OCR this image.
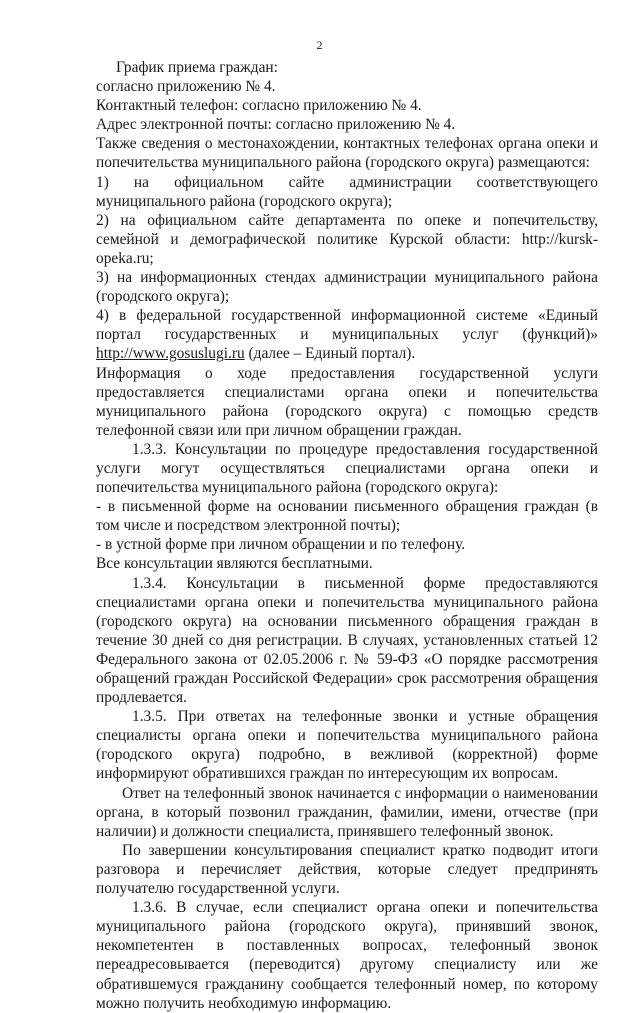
2

График приема граждан:

согласно приложению № 4.

Контактный телефон: согласно приложению № 4.

Адрес электронной почты: согласно приложению № 4.

Также сведения о местонахождении, контактных телефонах органа опеки и попечительства муниципального района (городского округа) размещаются:

1) на официальном сайте администрации соответствующего муниципального района (городского округа);

2) на официальном сайте департамента по опеке и попечительству, семейной и демографической политике Курской области: http://kursk-opeka.ru;

3) на информационных стендах администрации муниципального района (городского округа);

4) в федеральной государственной информационной системе «Единый портал государственных и муниципальных услуг (функций)» http://www.gosuslugi.ru (далее – Единый портал).

Информация о ходе предоставления государственной услуги предоставляется специалистами органа опеки и попечительства муниципального района (городского округа) с помощью средств телефонной связи или при личном обращении граждан.

1.3.3. Консультации по процедуре предоставления государственной услуги могут осуществляться специалистами органа опеки и попечительства муниципального района (городского округа):

- в письменной форме на основании письменного обращения граждан (в том числе и посредством электронной почты);

- в устной форме при личном обращении и по телефону.

Все консультации являются бесплатными.

1.3.4. Консультации в письменной форме предоставляются специалистами органа опеки и попечительства муниципального района (городского округа) на основании письменного обращения граждан в течение 30 дней со дня регистрации. В случаях, установленных статьей 12 Федерального закона от 02.05.2006 г. № 59-ФЗ «О порядке рассмотрения обращений граждан Российской Федерации» срок рассмотрения обращения продлевается.

1.3.5. При ответах на телефонные звонки и устные обращения специалисты органа опеки и попечительства муниципального района (городского округа) подробно, в вежливой (корректной) форме информируют обратившихся граждан по интересующим их вопросам.

Ответ на телефонный звонок начинается с информации о наименовании органа, в который позвонил гражданин, фамилии, имени, отчестве (при наличии) и должности специалиста, принявшего телефонный звонок.

По завершении консультирования специалист кратко подводит итоги разговора и перечисляет действия, которые следует предпринять получателю государственной услуги.

1.3.6. В случае, если специалист органа опеки и попечительства муниципального района (городского округа), принявший звонок, некомпетентен в поставленных вопросах, телефонный звонок переадресовывается (переводится) другому специалисту или же обратившемуся гражданину сообщается телефонный номер, по которому можно получить необходимую информацию.
